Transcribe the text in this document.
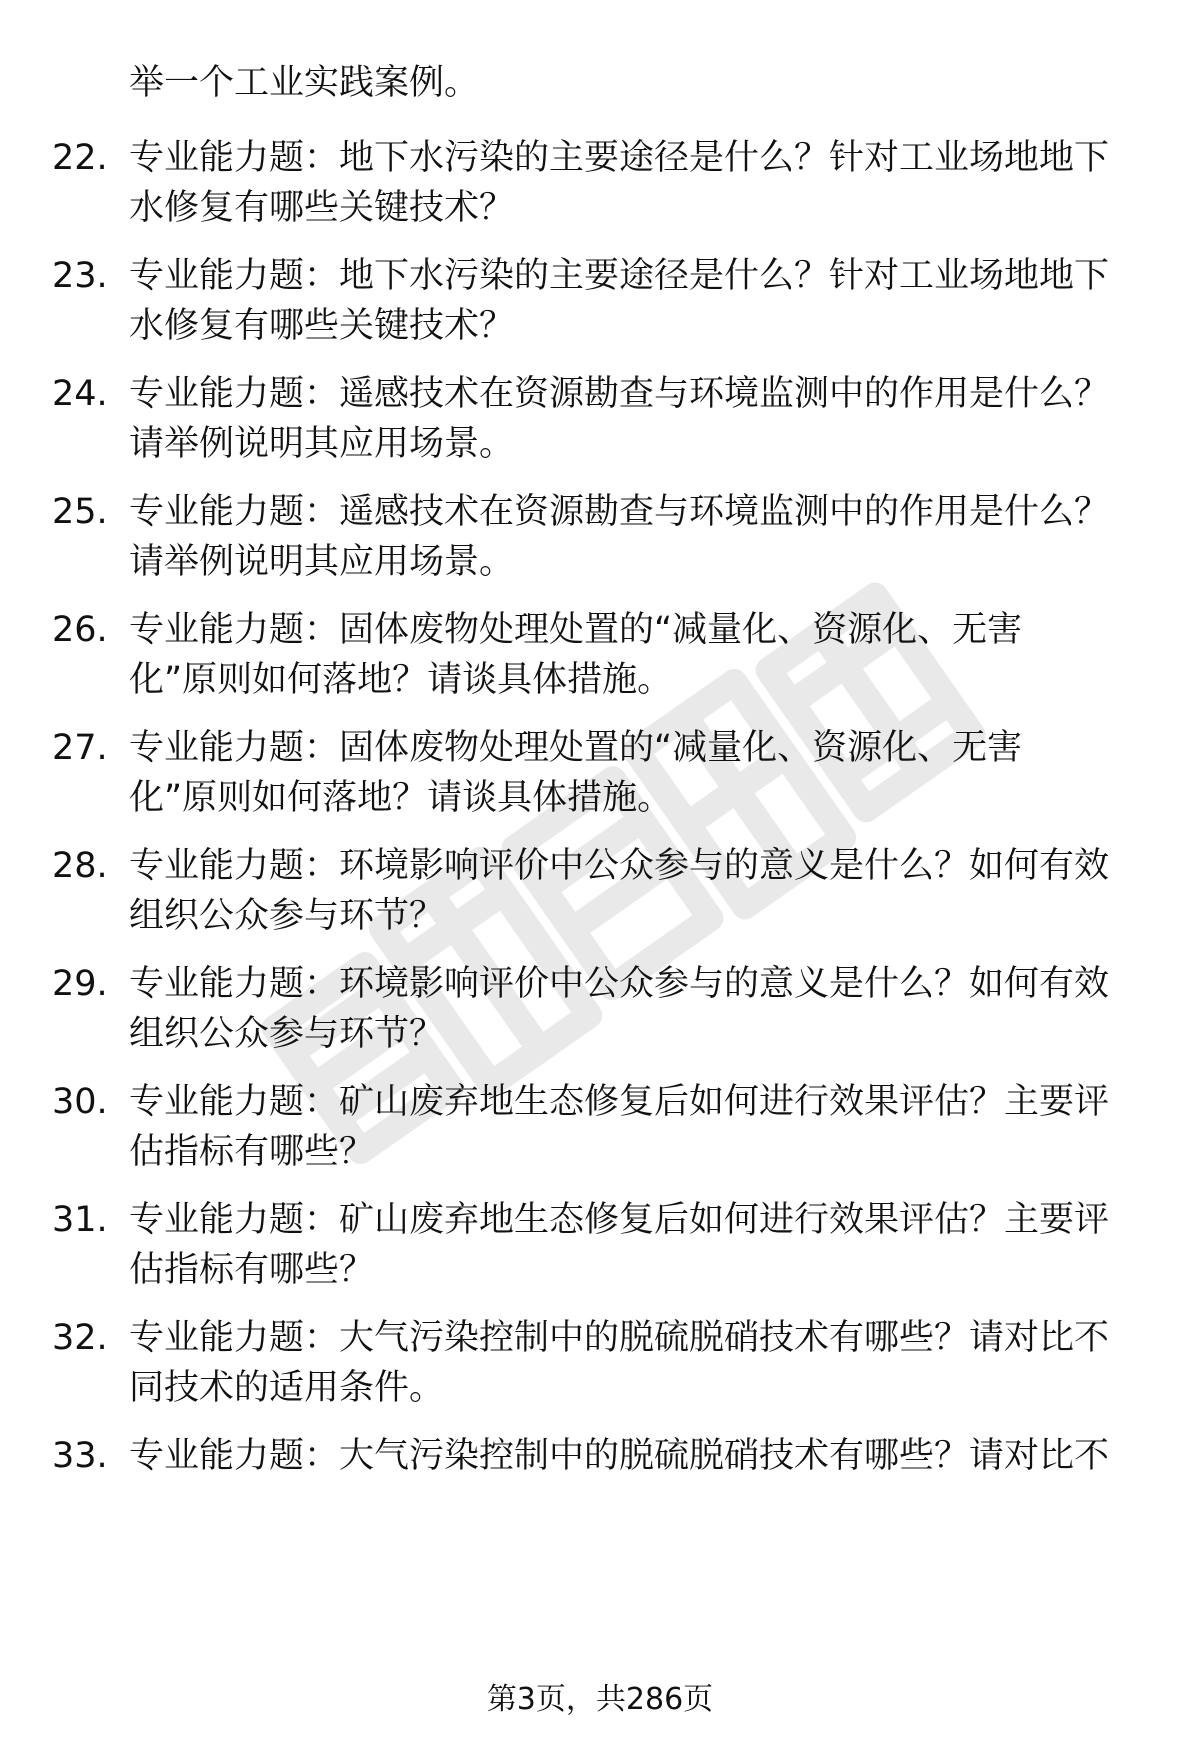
举一个工业实践案例。
22. 专业能力题：地下水污染的主要途径是什么？针对工业场地地下
水修复有哪些关键技术？
23. 专业能力题：地下水污染的主要途径是什么？针对工业场地地下
水修复有哪些关键技术？
24. 专业能力题：遥感技术在资源勘查与环境监测中的作用是什么？
请举例说明其应用场景。
25. 专业能力题：遥感技术在资源勘查与环境监测中的作用是什么？
请举例说明其应用场景。
26. 专业能力题：固体废物处理处置的“减量化、资源化、无害
化”原则如何落地？请谈具体措施。
27. 专业能力题：固体废物处理处置的“减量化、资源化、无害
化”原则如何落地？请谈具体措施。
28. 专业能力题：环境影响评价中公众参与的意义是什么？如何有效
组织公众参与环节？
29. 专业能力题：环境影响评价中公众参与的意义是什么？如何有效
组织公众参与环节？
30. 专业能力题：矿山废弃地生态修复后如何进行效果评估？主要评
估指标有哪些？
31. 专业能力题：矿山废弃地生态修复后如何进行效果评估？主要评
估指标有哪些？
32. 专业能力题：大气污染控制中的脱硫脱硝技术有哪些？请对比不
同技术的适用条件。
33. 专业能力题：大气污染控制中的脱硫脱硝技术有哪些？请对比不
第3页，共286页
